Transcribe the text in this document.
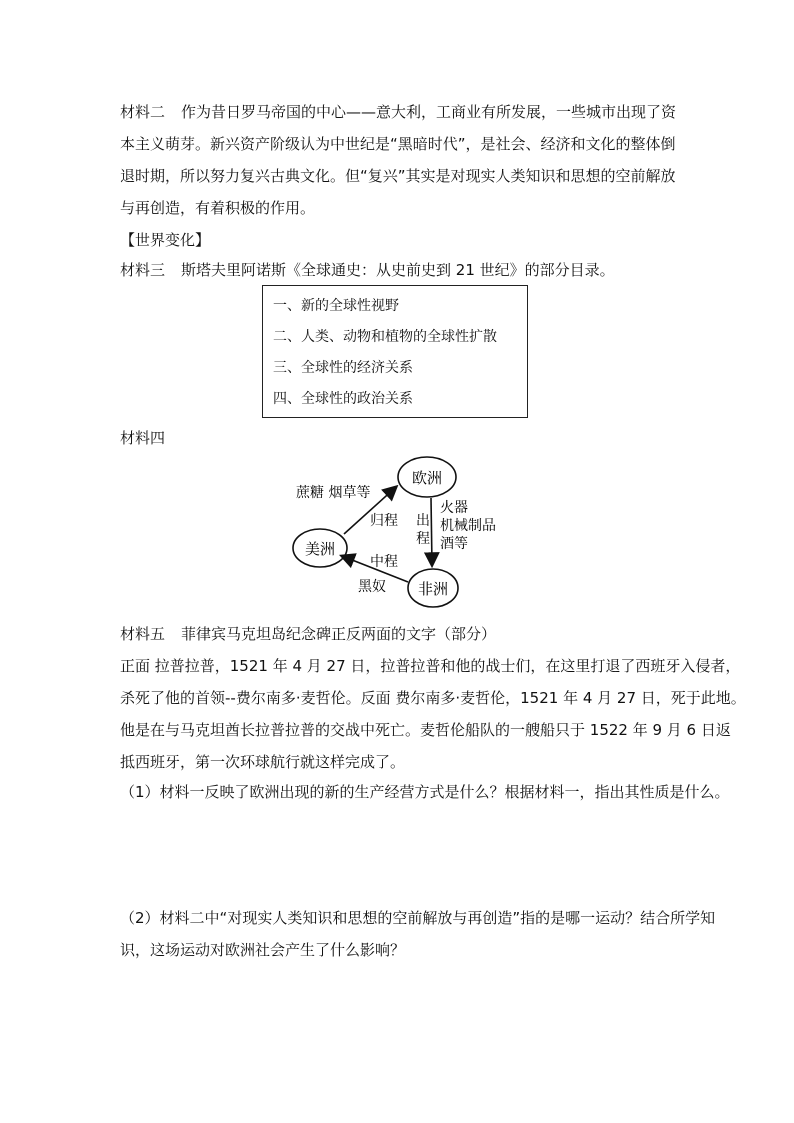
材料二 作为昔日罗马帝国的中心——意大利，工商业有所发展，一些城市出现了资本主义萌芽。新兴资产阶级认为中世纪是“黑暗时代”，是社会、经济和文化的整体倒退时期，所以努力复兴古典文化。但“复兴”其实是对现实人类知识和思想的空前解放与再创造，有着积极的作用。

【世界变化】

材料三 斯塔夫里阿诺斯《全球通史：从史前史到 21 世纪》的部分目录。

一、新的全球性视野
二、人类、动物和植物的全球性扩散
三、全球性的经济关系
四、全球性的政治关系

材料四

欧洲
美洲
非洲
蔗糖 烟草等
归程 出
程
火器
机械制品
酒等
中程
黑奴

材料五 菲律宾马克坦岛纪念碑正反两面的文字（部分）

正面 拉普拉普，1521 年 4 月 27 日，拉普拉普和他的战士们，在这里打退了西班牙入侵者，

杀死了他的首领--费尔南多·麦哲伦。反面 费尔南多·麦哲伦，1521 年 4 月 27 日，死于此地。

他是在与马克坦酋长拉普拉普的交战中死亡。麦哲伦船队的一艘船只于 1522 年 9 月 6 日返

抵西班牙，第一次环球航行就这样完成了。

（1）材料一反映了欧洲出现的新的生产经营方式是什么？根据材料一，指出其性质是什么。

（2）材料二中“对现实人类知识和思想的空前解放与再创造”指的是哪一运动？结合所学知

识，这场运动对欧洲社会产生了什么影响？
